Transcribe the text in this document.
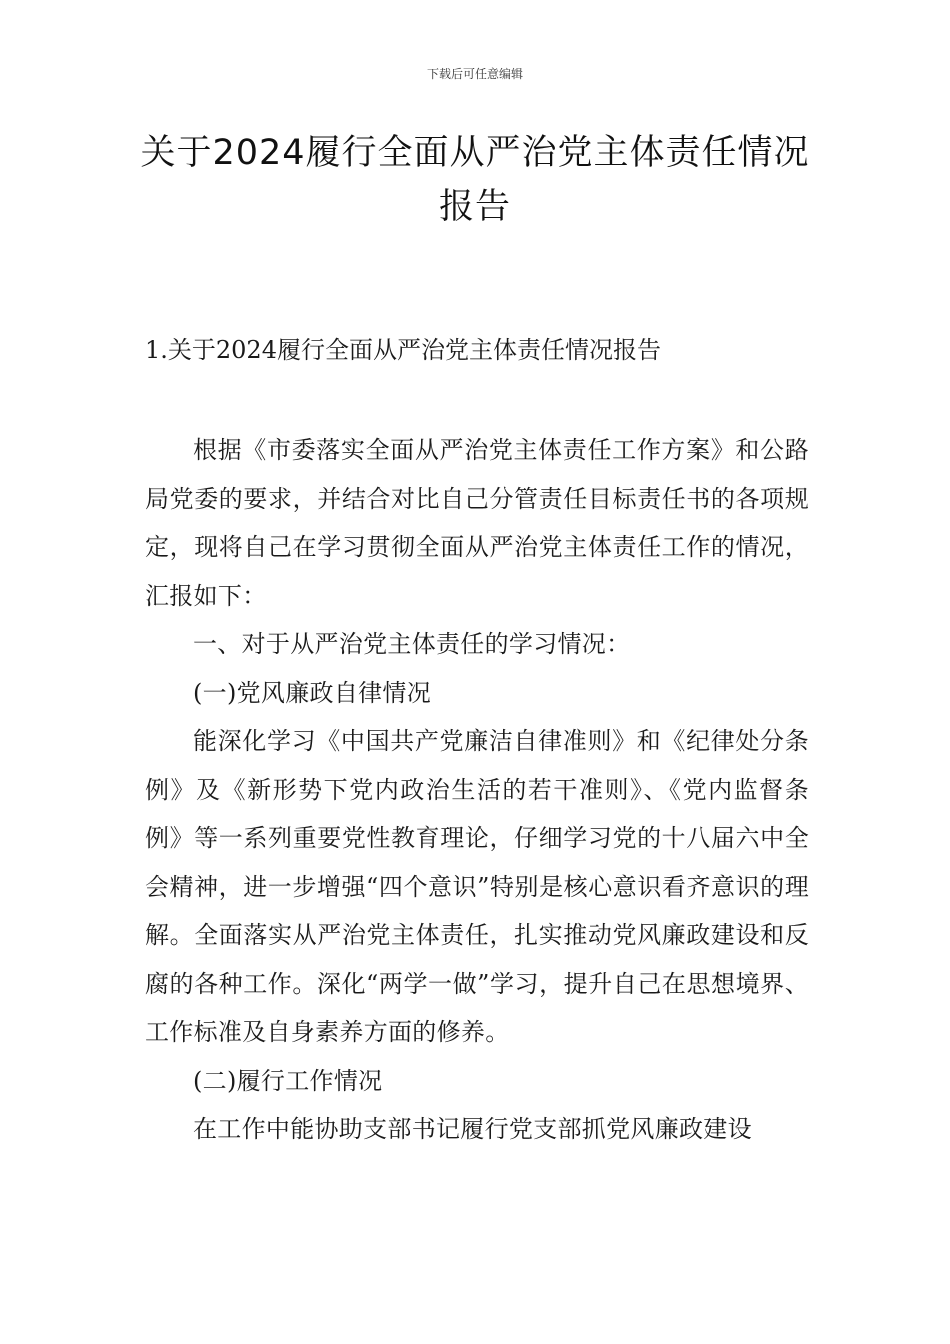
下载后可任意编辑
关于2024履行全面从严治党主体责任情况
报告
1.关于2024履行全面从严治党主体责任情况报告

根据《市委落实全面从严治党主体责任工作方案》和公路局党委的要求，并结合对比自己分管责任目标责任书的各项规定，现将自己在学习贯彻全面从严治党主体责任工作的情况，汇报如下：

一、对于从严治党主体责任的学习情况：

(一)党风廉政自律情况

能深化学习《中国共产党廉洁自律准则》和《纪律处分条例》及《新形势下党内政治生活的若干准则》、《党内监督条例》等一系列重要党性教育理论，仔细学习党的十八届六中全会精神，进一步增强“四个意识”特别是核心意识看齐意识的理解。全面落实从严治党主体责任，扎实推动党风廉政建设和反腐的各种工作。深化“两学一做”学习，提升自己在思想境界、工作标准及自身素养方面的修养。

(二)履行工作情况

在工作中能协助支部书记履行党支部抓党风廉政建设
